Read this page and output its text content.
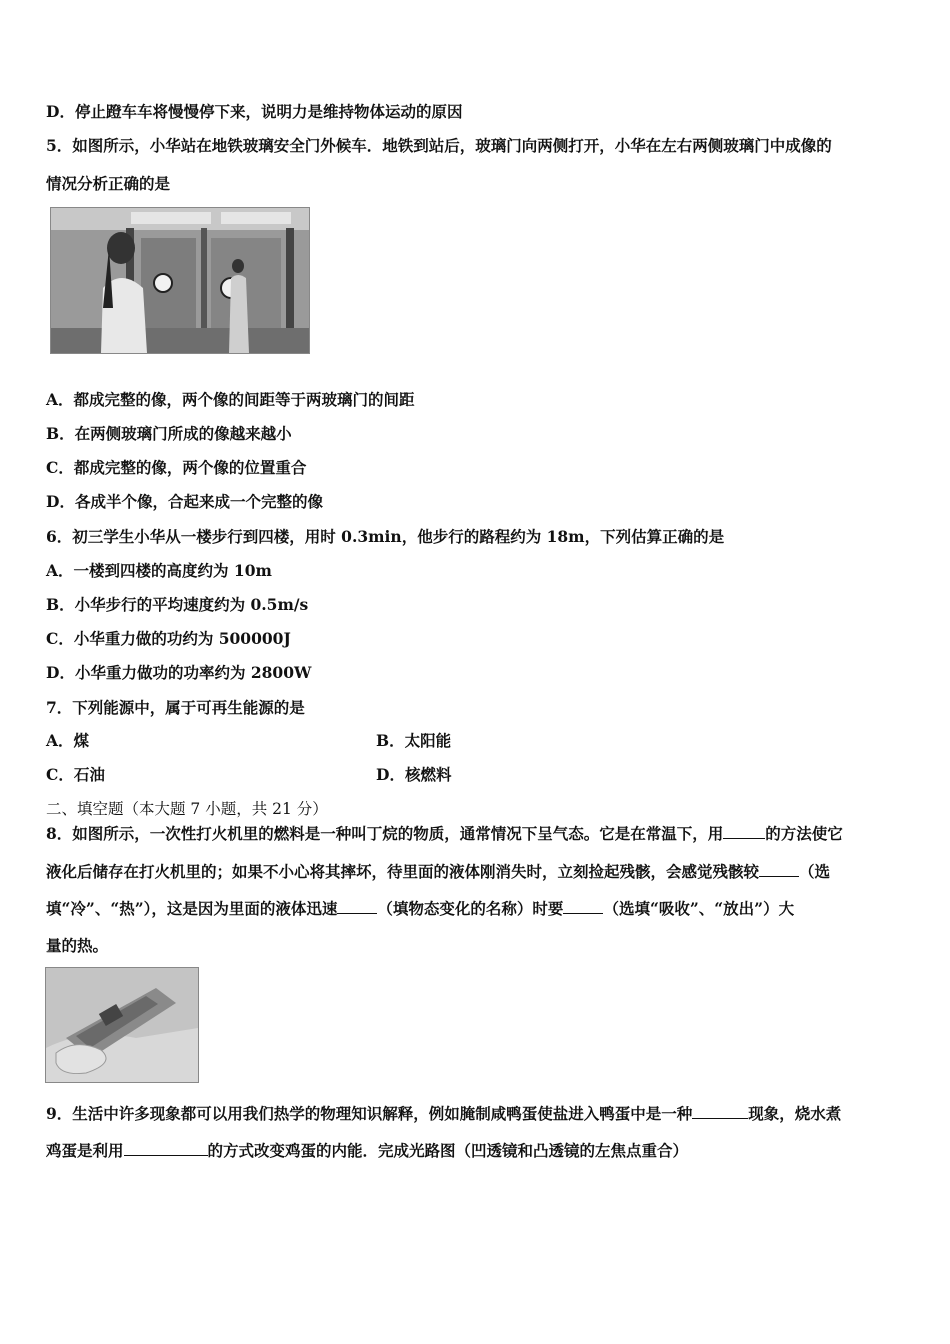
D．停止蹬车车将慢慢停下来，说明力是维持物体运动的原因
5．如图所示，小华站在地铁玻璃安全门外候车．地铁到站后，玻璃门向两侧打开，小华在左右两侧玻璃门中成像的
情况分析正确的是
A．都成完整的像，两个像的间距等于两玻璃门的间距
B．在两侧玻璃门所成的像越来越小
C．都成完整的像，两个像的位置重合
D．各成半个像，合起来成一个完整的像
6．初三学生小华从一楼步行到四楼，用时 0.3min，他步行的路程约为 18m，下列估算正确的是
A．一楼到四楼的高度约为 10m
B．小华步行的平均速度约为 0.5m/s
C．小华重力做的功约为 500000J
D．小华重力做功的功率约为 2800W
7．下列能源中，属于可再生能源的是
A．煤	B．太阳能
C．石油	D．核燃料
二、填空题（本大题 7 小题，共 21 分）
8．如图所示，一次性打火机里的燃料是一种叫丁烷的物质，通常情况下呈气态。它是在常温下，用	的方法使它
液化后储存在打火机里的；如果不小心将其摔坏，待里面的液体刚消失时，立刻捡起残骸，会感觉残骸较	（选
填“冷”、“热”），这是因为里面的液体迅速	（填物态变化的名称）时要	（选填“吸收”、“放出”）大
量的热。
9．生活中许多现象都可以用我们热学的物理知识解释，例如腌制咸鸭蛋使盐进入鸭蛋中是一种	现象，烧水煮
鸡蛋是利用	的方式改变鸡蛋的内能．完成光路图（凹透镜和凸透镜的左焦点重合）
